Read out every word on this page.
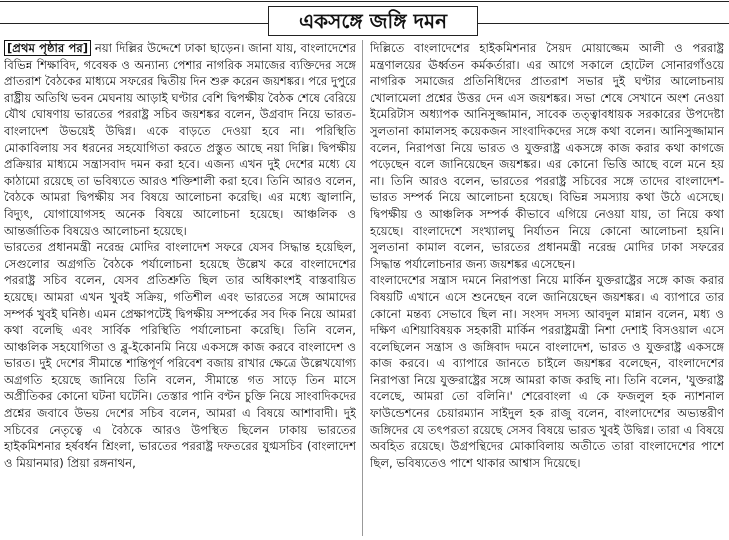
একসঙ্গে জঙ্গি দমন

[প্রথম পৃষ্ঠার পর] নয়া দিল্লির উদ্দেশে ঢাকা ছাড়েন। জানা যায়, বাংলাদেশের বিভিন্ন শিক্ষাবিদ, গবেষক ও অন্যান্য পেশার নাগরিক সমাজের ব্যক্তিদের সঙ্গে প্রাতরাশ বৈঠকের মাধ্যমে সফরের দ্বিতীয় দিন শুরু করেন জয়শঙ্কর। পরে দুপুরে রাষ্ট্রীয় অতিথি ভবন মেঘনায় আড়াই ঘণ্টার বেশি দ্বিপক্ষীয় বৈঠক শেষে বেরিয়ে যৌথ ঘোষণায় ভারতের পররাষ্ট্র সচিব জয়শঙ্কর বলেন, উগ্রবাদ নিয়ে ভারত-বাংলাদেশ উভয়েই উদ্বিগ্ন। একে বাড়তে দেওয়া হবে না। পরিস্থিতি মোকাবিলায় সব ধরনের সহযোগিতা করতে প্রস্তুত আছে নয়া দিল্লি। দ্বিপক্ষীয় প্রক্রিয়ার মাধ্যমে সন্ত্রাসবাদ দমন করা হবে। এজন্য এখন দুই দেশের মধ্যে যে কাঠামো রয়েছে তা ভবিষ্যতে আরও শক্তিশালী করা হবে। তিনি আরও বলেন, বৈঠকে আমরা দ্বিপক্ষীয় সব বিষয়ে আলোচনা করেছি। এর মধ্যে জ্বালানি, বিদ্যুৎ, যোগাযোগসহ অনেক বিষয়ে আলোচনা হয়েছে। আঞ্চলিক ও আন্তর্জাতিক বিষয়েও আলোচনা হয়েছে।

ভারতের প্রধানমন্ত্রী নরেন্দ্র মোদির বাংলাদেশ সফরে যেসব সিদ্ধান্ত হয়েছিল, সেগুলোর অগ্রগতি বৈঠকে পর্যালোচনা হয়েছে উল্লেখ করে বাংলাদেশের পররাষ্ট্র সচিব বলেন, যেসব প্রতিশ্রুতি ছিল তার অধিকাংশই বাস্তবায়িত হয়েছে। আমরা এখন খুবই সক্রিয়, গতিশীল এবং ভারতের সঙ্গে আমাদের সম্পর্ক খুবই ঘনিষ্ঠ। এমন প্রেক্ষাপটেই দ্বিপক্ষীয় সম্পর্কের সব দিক নিয়ে আমরা কথা বলেছি এবং সার্বিক পরিস্থিতি পর্যালোচনা করেছি। তিনি বলেন, আঞ্চলিক সহযোগিতা ও ব্লু-ইকোনমি নিয়ে একসঙ্গে কাজ করবে বাংলাদেশ ও ভারত। দুই দেশের সীমান্তে শান্তিপূর্ণ পরিবেশ বজায় রাখার ক্ষেত্রে উল্লেখযোগ্য অগ্রগতি হয়েছে জানিয়ে তিনি বলেন, সীমান্তে গত সাড়ে তিন মাসে অপ্রীতিকর কোনো ঘটনা ঘটেনি। তেস্তার পানি বণ্টন চুক্তি নিয়ে সাংবাদিকদের প্রশ্নের জবাবে উভয় দেশের সচিব বলেন, আমরা এ বিষয়ে আশাবাদী। দুই সচিবের নেতৃত্বে এ বৈঠকে আরও উপস্থিত ছিলেন ঢাকায় ভারতের হাইকমিশনার হর্ষবর্ধন শ্রিংলা, ভারতের পররাষ্ট্র দফতরের যুগ্মসচিব (বাংলাদেশ ও মিয়ানমার) প্রিয়া রঙ্গনাথন,

দিল্লিতে বাংলাদেশের হাইকমিশনার সৈয়দ মোয়াজ্জেম আলী ও পররাষ্ট্র মন্ত্রণালয়ের ঊর্ধ্বতন কর্মকর্তারা। এর আগে সকালে হোটেল সোনারগাঁওয়ে নাগরিক সমাজের প্রতিনিধিদের প্রাতরাশ সভার দুই ঘণ্টার আলোচনায় খোলামেলা প্রশ্নের উত্তর দেন এস জয়শঙ্কর। সভা শেষে সেখানে অংশ নেওয়া ইমেরিটাস অধ্যাপক আনিসুজ্জামান, সাবেক তত্ত্বাবধায়ক সরকারের উপদেষ্টা সুলতানা কামালসহ কয়েকজন সাংবাদিকদের সঙ্গে কথা বলেন। আনিসুজ্জামান বলেন, নিরাপত্তা নিয়ে ভারত ও যুক্তরাষ্ট্র একসঙ্গে কাজ করার কথা কাগজে পড়েছেন বলে জানিয়েছেন জয়শঙ্কর। এর কোনো ভিত্তি আছে বলে মনে হয় না। তিনি আরও বলেন, ভারতের পররাষ্ট্র সচিবের সঙ্গে তাদের বাংলাদেশ-ভারত সম্পর্ক নিয়ে আলোচনা হয়েছে। বিভিন্ন সমস্যায় কথা উঠে এসেছে। দ্বিপক্ষীয় ও আঞ্চলিক সম্পর্ক কীভাবে এগিয়ে নেওয়া যায়, তা নিয়ে কথা হয়েছে। বাংলাদেশে সংখ্যালঘু নির্যাতন নিয়ে কোনো আলোচনা হয়নি। সুলতানা কামাল বলেন, ভারতের প্রধানমন্ত্রী নরেন্দ্র মোদির ঢাকা সফরের সিদ্ধান্ত পর্যালোচনার জন্য জয়শঙ্কর এসেছেন।

বাংলাদেশের সন্ত্রাস দমনে নিরাপত্তা নিয়ে মার্কিন যুক্তরাষ্ট্রের সঙ্গে কাজ করার বিষয়টি এখানে এসে শুনেছেন বলে জানিয়েছেন জয়শঙ্কর। এ ব্যাপারে তার কোনো মন্তব্য সেভাবে ছিল না। সংসদ সদস্য আবদুল মান্নান বলেন, মধ্য ও দক্ষিণ এশিয়াবিষয়ক সহকারী মার্কিন পররাষ্ট্রমন্ত্রী নিশা দেশাই বিসওয়াল এসে বলেছিলেন সন্ত্রাস ও জঙ্গিবাদ দমনে বাংলাদেশ, ভারত ও যুক্তরাষ্ট্র একসঙ্গে কাজ করবে। এ ব্যাপারে জানতে চাইলে জয়শঙ্কর বলেছেন, বাংলাদেশের নিরাপত্তা নিয়ে যুক্তরাষ্ট্রের সঙ্গে আমরা কাজ করছি না। তিনি বলেন, 'যুক্তরাষ্ট্র বলেছে, আমরা তো বলিনি।' শেরেবাংলা এ কে ফজলুল হক ন্যাশনাল ফাউন্ডেশনের চেয়ারম্যান সাইদুল হক রাজু বলেন, বাংলাদেশের অভ্যন্তরীণ জঙ্গিদের যে তৎপরতা রয়েছে সেসব বিষয়ে ভারত খুবই উদ্বিগ্ন। তারা এ বিষয়ে অবহিত রয়েছে। উগ্রপন্থিদের মোকাবিলায় অতীতে তারা বাংলাদেশের পাশে ছিল, ভবিষ্যতেও পাশে থাকার আশ্বাস দিয়েছে।
